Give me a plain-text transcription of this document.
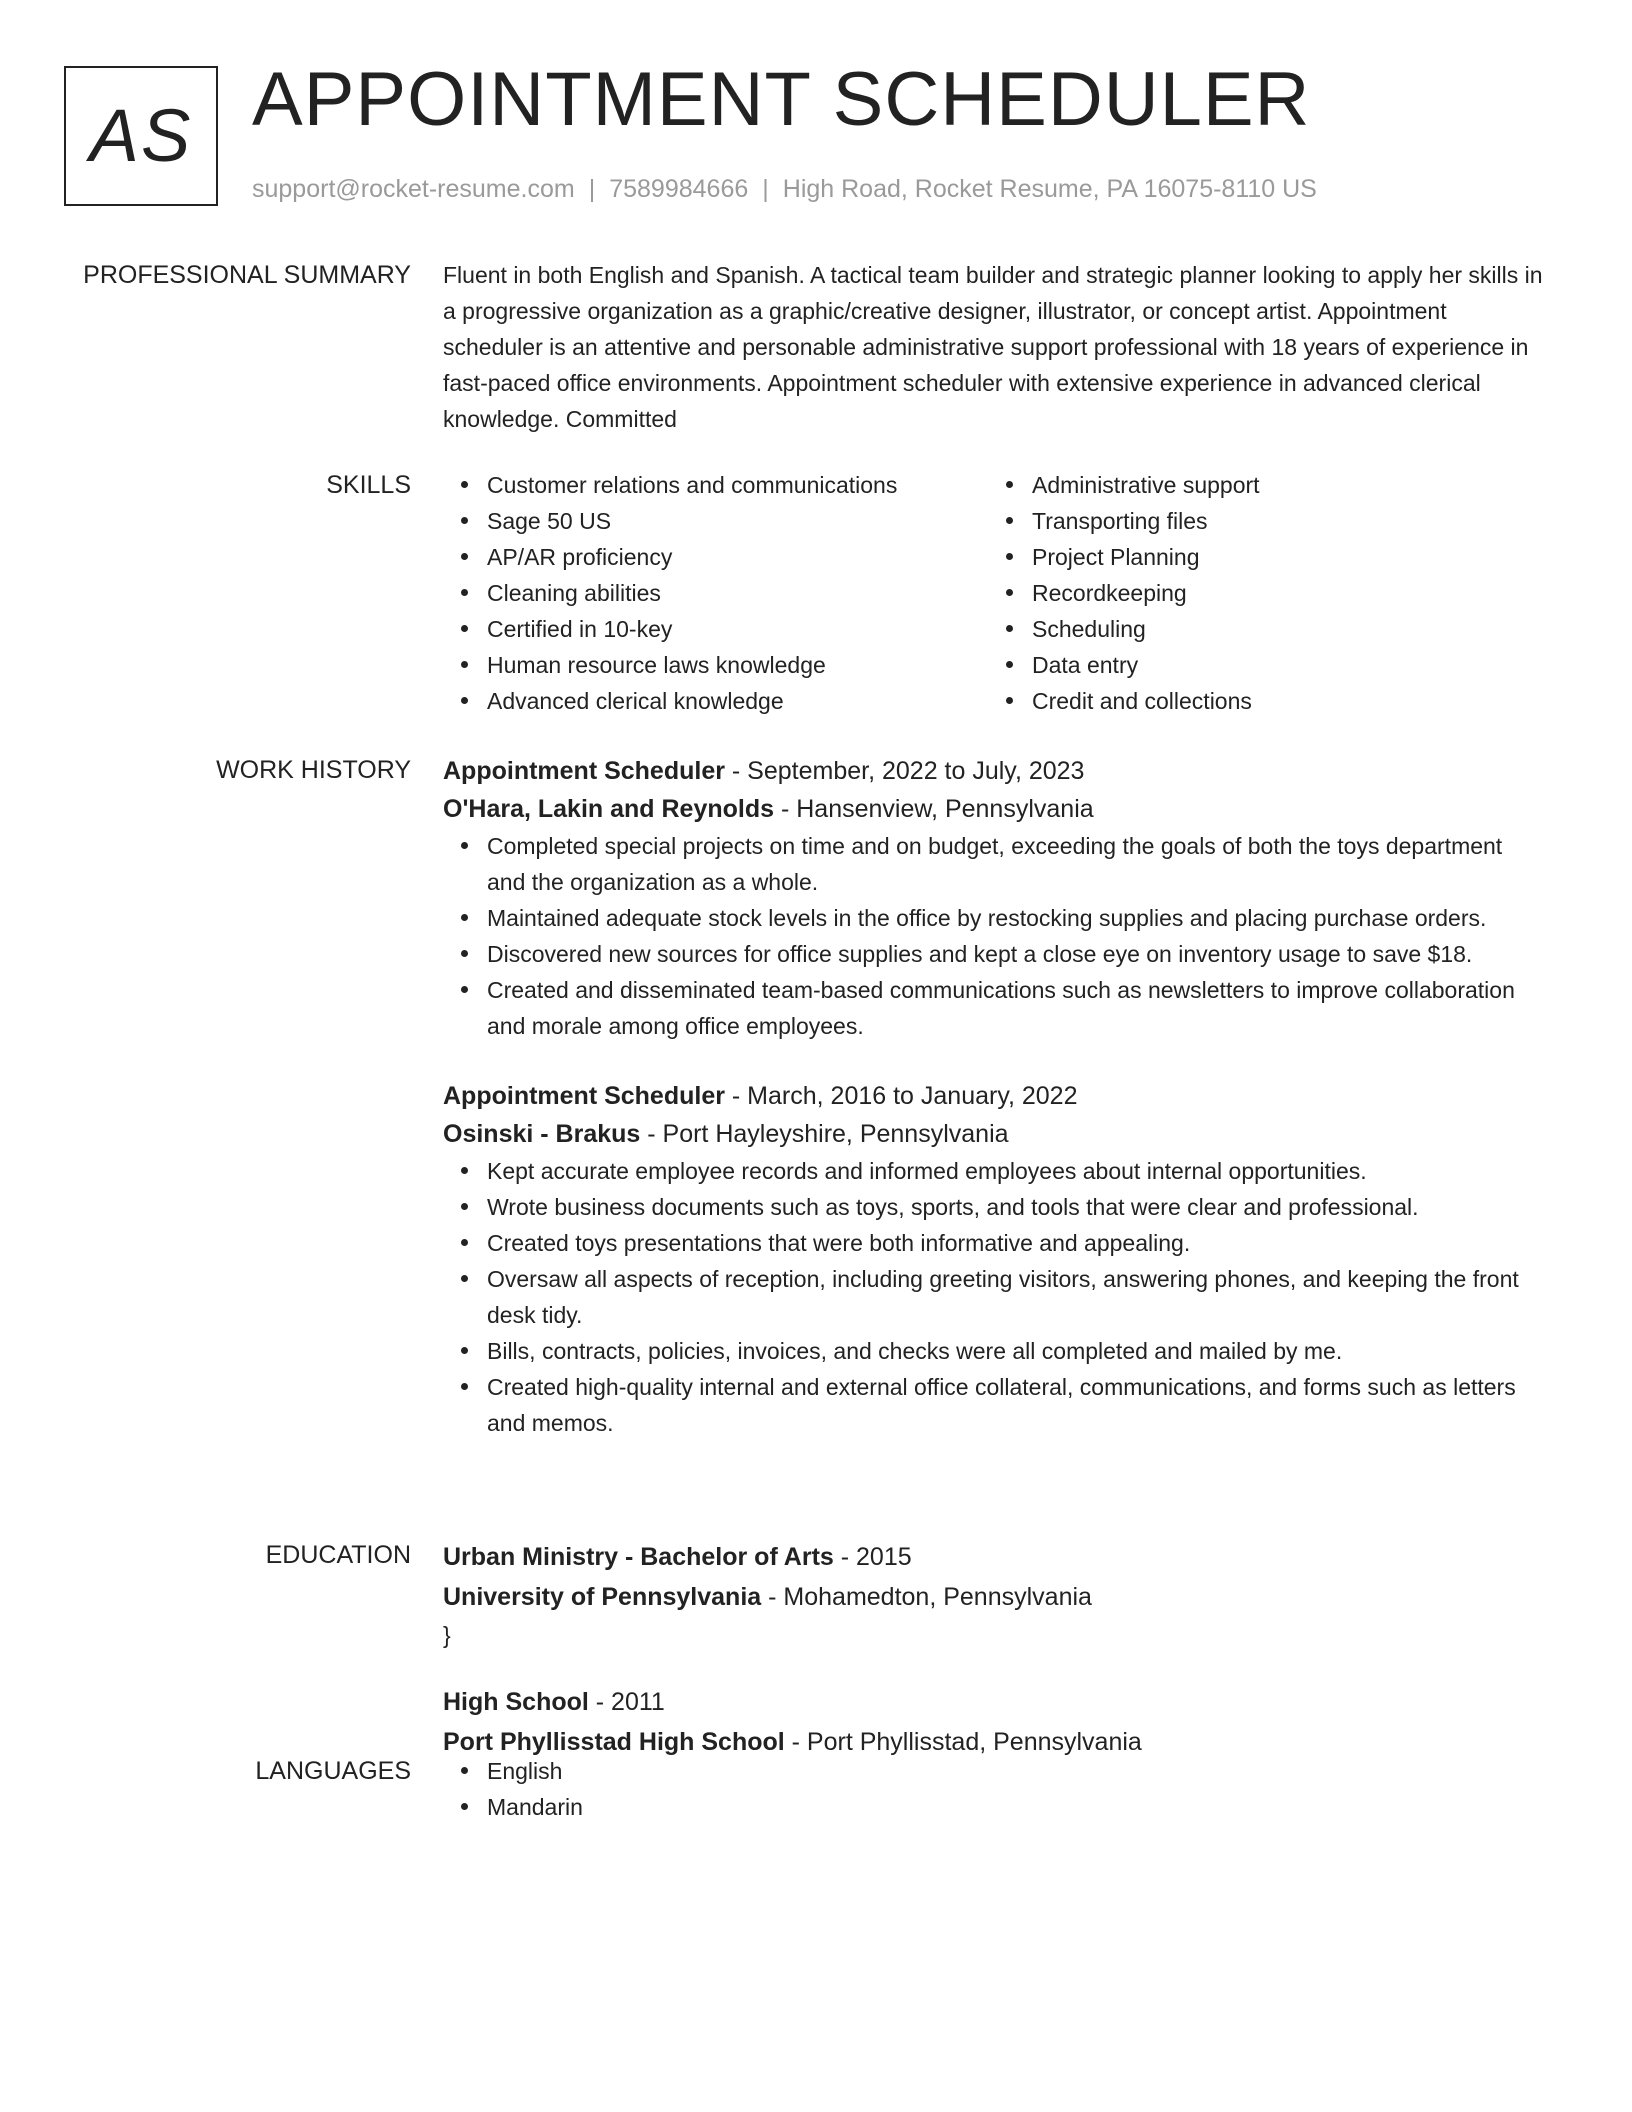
AS APPOINTMENT SCHEDULER
support@rocket-resume.com | 7589984666 | High Road, Rocket Resume, PA 16075-8110 US
PROFESSIONAL SUMMARY Fluent in both English and Spanish. A tactical team builder and strategic planner looking to apply her skills in a progressive organization as a graphic/creative designer, illustrator, or concept artist. Appointment scheduler is an attentive and personable administrative support professional with 18 years of experience in fast-paced office environments. Appointment scheduler with extensive experience in advanced clerical knowledge. Committed

SKILLS	Customer relations and communications
Sage 50 US
AP/AR proficiency
Cleaning abilities
Certified in 10-key
Human resource laws knowledge
Advanced clerical knowledge
Administrative support
Transporting files
Project Planning
Recordkeeping
Scheduling
Data entry
Credit and collections
WORK HISTORY Appointment Scheduler - September, 2022 to July, 2023
O'Hara, Lakin and Reynolds - Hansenview, Pennsylvania
Completed special projects on time and on budget, exceeding the goals of both the toys department and the organization as a whole.
Maintained adequate stock levels in the office by restocking supplies and placing purchase orders.
Discovered new sources for office supplies and kept a close eye on inventory usage to save $18.
Created and disseminated team-based communications such as newsletters to improve collaboration and morale among office employees.
Appointment Scheduler - March, 2016 to January, 2022
Osinski - Brakus - Port Hayleyshire, Pennsylvania
Kept accurate employee records and informed employees about internal opportunities.
Wrote business documents such as toys, sports, and tools that were clear and professional.
Created toys presentations that were both informative and appealing.
Oversaw all aspects of reception, including greeting visitors, answering phones, and keeping the front desk tidy.
Bills, contracts, policies, invoices, and checks were all completed and mailed by me.
Created high-quality internal and external office collateral, communications, and forms such as letters and memos.
EDUCATION Urban Ministry - Bachelor of Arts - 2015
University of Pennsylvania - Mohamedton, Pennsylvania
}
High School - 2011
Port Phyllisstad High School - Port Phyllisstad, Pennsylvania
LANGUAGES	English
Mandarin
